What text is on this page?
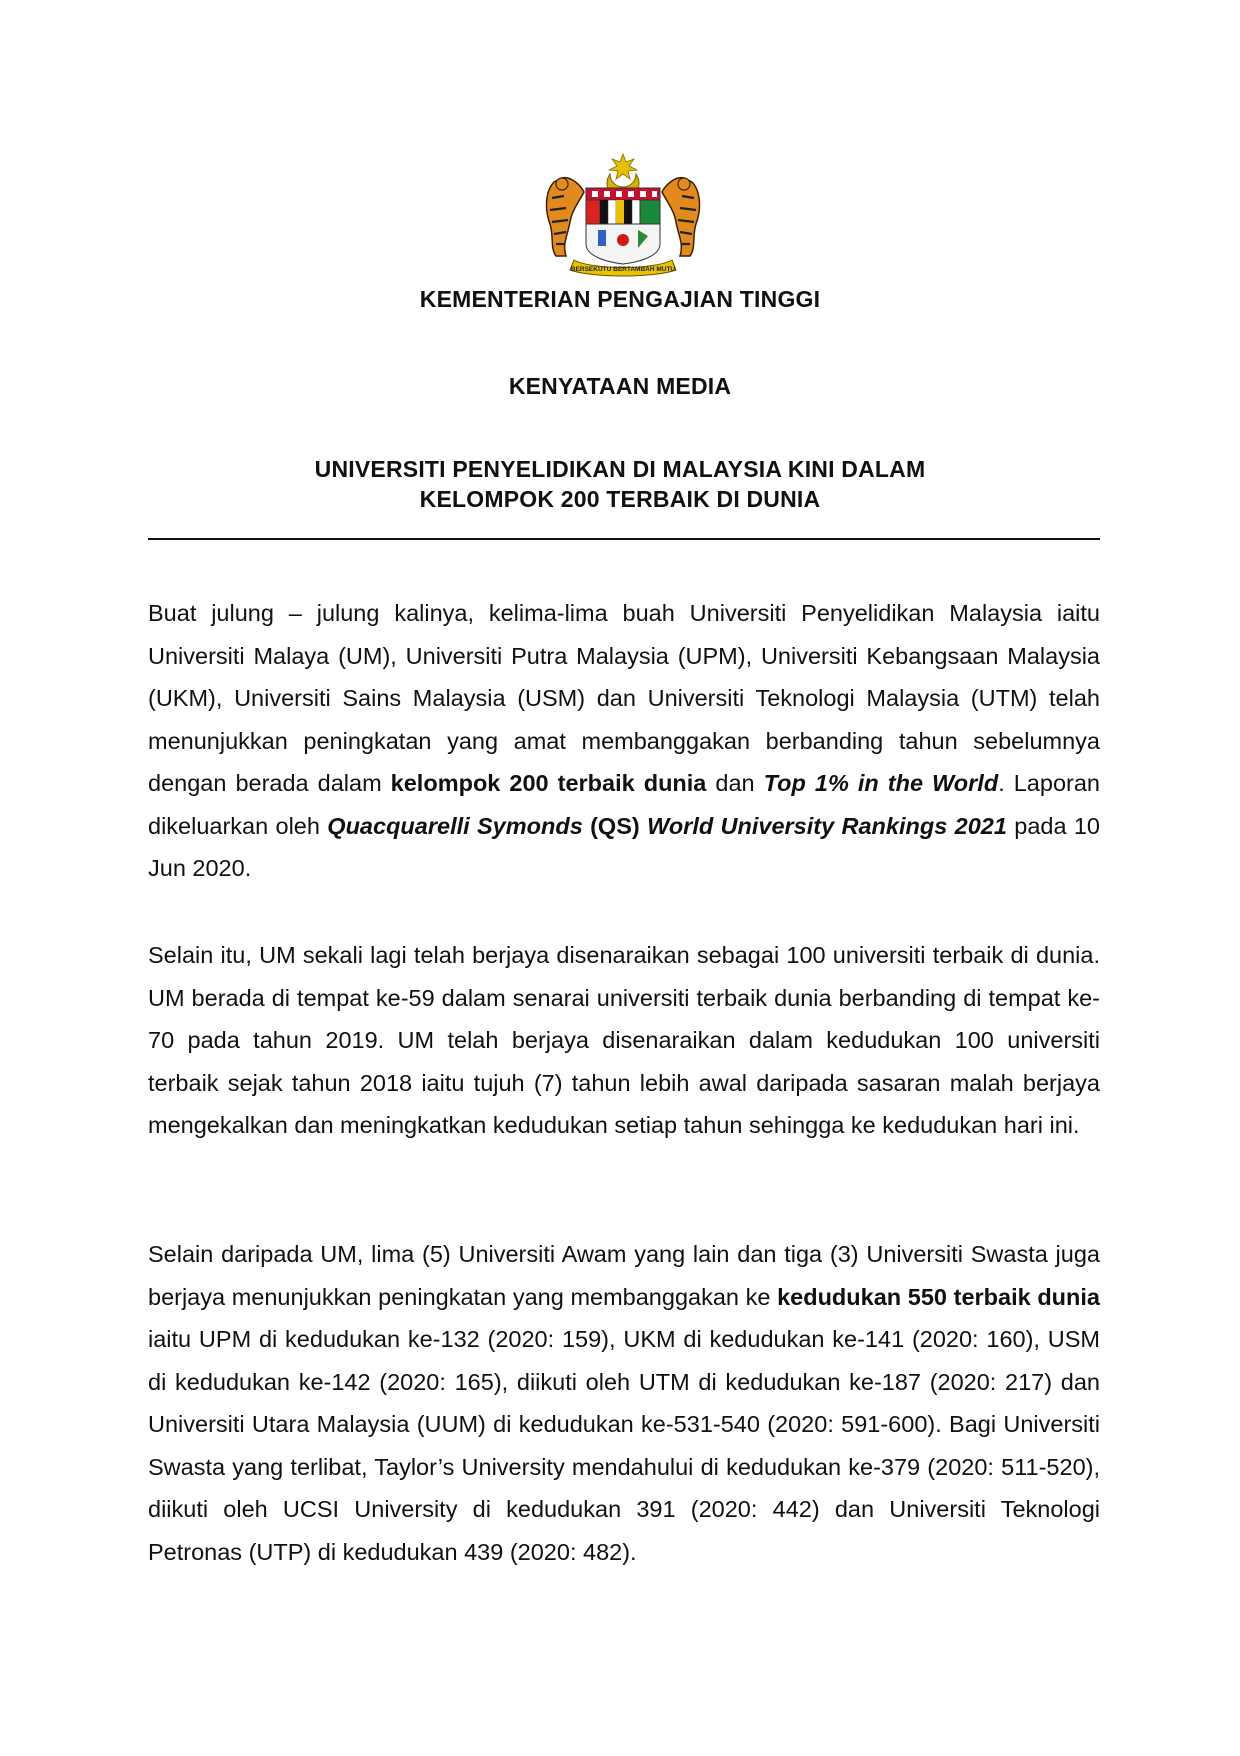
BERSEKUTU BERTAMBAH MUTU
KEMENTERIAN PENGAJIAN TINGGI
KENYATAAN MEDIA
UNIVERSITI PENYELIDIKAN DI MALAYSIA KINI DALAM
KELOMPOK 200 TERBAIK DI DUNIA

Buat julung – julung kalinya, kelima-lima buah Universiti Penyelidikan Malaysia iaitu Universiti Malaya (UM), Universiti Putra Malaysia (UPM), Universiti Kebangsaan Malaysia (UKM), Universiti Sains Malaysia (USM) dan Universiti Teknologi Malaysia (UTM) telah menunjukkan peningkatan yang amat membanggakan berbanding tahun sebelumnya dengan berada dalam kelompok 200 terbaik dunia dan Top 1% in the World. Laporan dikeluarkan oleh Quacquarelli Symonds (QS) World University Rankings 2021 pada 10 Jun 2020.

Selain itu, UM sekali lagi telah berjaya disenaraikan sebagai 100 universiti terbaik di dunia. UM berada di tempat ke-59 dalam senarai universiti terbaik dunia berbanding di tempat ke-70 pada tahun 2019. UM telah berjaya disenaraikan dalam kedudukan 100 universiti terbaik sejak tahun 2018 iaitu tujuh (7) tahun lebih awal daripada sasaran malah berjaya mengekalkan dan meningkatkan kedudukan setiap tahun sehingga ke kedudukan hari ini.

Selain daripada UM, lima (5) Universiti Awam yang lain dan tiga (3) Universiti Swasta juga berjaya menunjukkan peningkatan yang membanggakan ke kedudukan 550 terbaik dunia iaitu UPM di kedudukan ke-132 (2020: 159), UKM di kedudukan ke-141 (2020: 160), USM di kedudukan ke-142 (2020: 165), diikuti oleh UTM di kedudukan ke-187 (2020: 217) dan Universiti Utara Malaysia (UUM) di kedudukan ke-531-540 (2020: 591-600). Bagi Universiti Swasta yang terlibat, Taylor’s University mendahului di kedudukan ke-379 (2020: 511-520), diikuti oleh UCSI University di kedudukan 391 (2020: 442) dan Universiti Teknologi Petronas (UTP) di kedudukan 439 (2020: 482).
